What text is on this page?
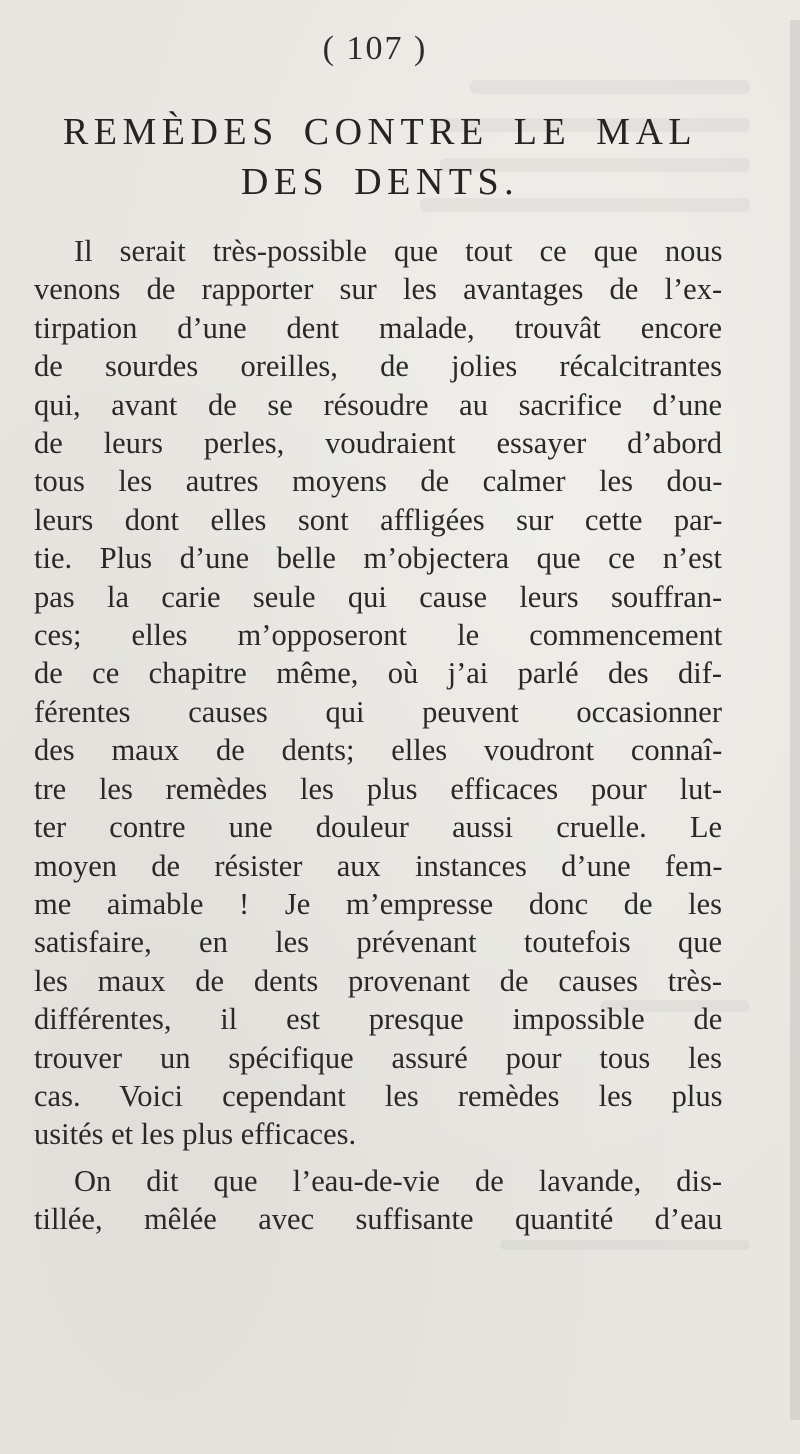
( 107 )
REMÈDES CONTRE LE MAL
DES DENTS.
Il serait très-possible que tout ce que nous
venons de rapporter sur les avantages de l’ex-
tirpation d’une dent malade, trouvât encore
de sourdes oreilles, de jolies récalcitrantes
qui, avant de se résoudre au sacrifice d’une
de leurs perles, voudraient essayer d’abord
tous les autres moyens de calmer les dou-
leurs dont elles sont affligées sur cette par-
tie. Plus d’une belle m’objectera que ce n’est
pas la carie seule qui cause leurs souffran-
ces; elles m’opposeront le commencement
de ce chapitre même, où j’ai parlé des dif-
férentes causes qui peuvent occasionner
des maux de dents; elles voudront connaî-
tre les remèdes les plus efficaces pour lut-
ter contre une douleur aussi cruelle. Le
moyen de résister aux instances d’une fem-
me aimable ! Je m’empresse donc de les
satisfaire, en les prévenant toutefois que
les maux de dents provenant de causes très-
différentes, il est presque impossible de
trouver un spécifique assuré pour tous les
cas. Voici cependant les remèdes les plus
usités et les plus efficaces.
On dit que l’eau-de-vie de lavande, dis-
tillée, mêlée avec suffisante quantité d’eau
